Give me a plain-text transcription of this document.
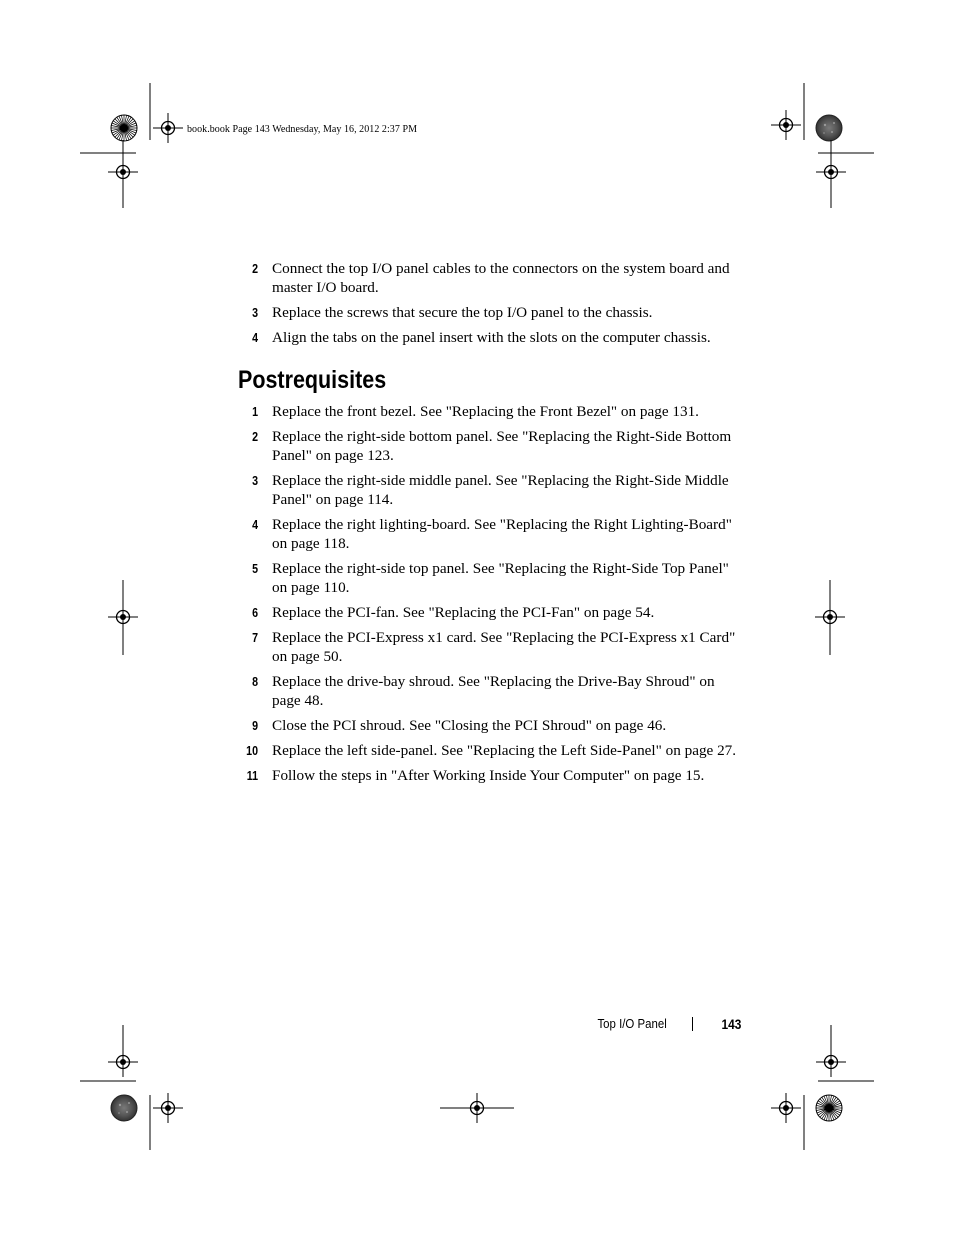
book.book Page 143 Wednesday, May 16, 2012 2:37 PM
2 Connect the top I/O panel cables to the connectors on the system board and master I/O board.
3 Replace the screws that secure the top I/O panel to the chassis.
4 Align the tabs on the panel insert with the slots on the computer chassis.
Postrequisites
1 Replace the front bezel. See "Replacing the Front Bezel" on page 131.
2 Replace the right-side bottom panel. See "Replacing the Right-Side Bottom Panel" on page 123.
3 Replace the right-side middle panel. See "Replacing the Right-Side Middle Panel" on page 114.
4 Replace the right lighting-board. See "Replacing the Right Lighting-Board" on page 118.
5 Replace the right-side top panel. See "Replacing the Right-Side Top Panel" on page 110.
6 Replace the PCI-fan. See "Replacing the PCI-Fan" on page 54.
7 Replace the PCI-Express x1 card. See "Replacing the PCI-Express x1 Card" on page 50.
8 Replace the drive-bay shroud. See "Replacing the Drive-Bay Shroud" on page 48.
9 Close the PCI shroud. See "Closing the PCI Shroud" on page 46.
10 Replace the left side-panel. See "Replacing the Left Side-Panel" on page 27.
11 Follow the steps in "After Working Inside Your Computer" on page 15.
Top I/O Panel	143
